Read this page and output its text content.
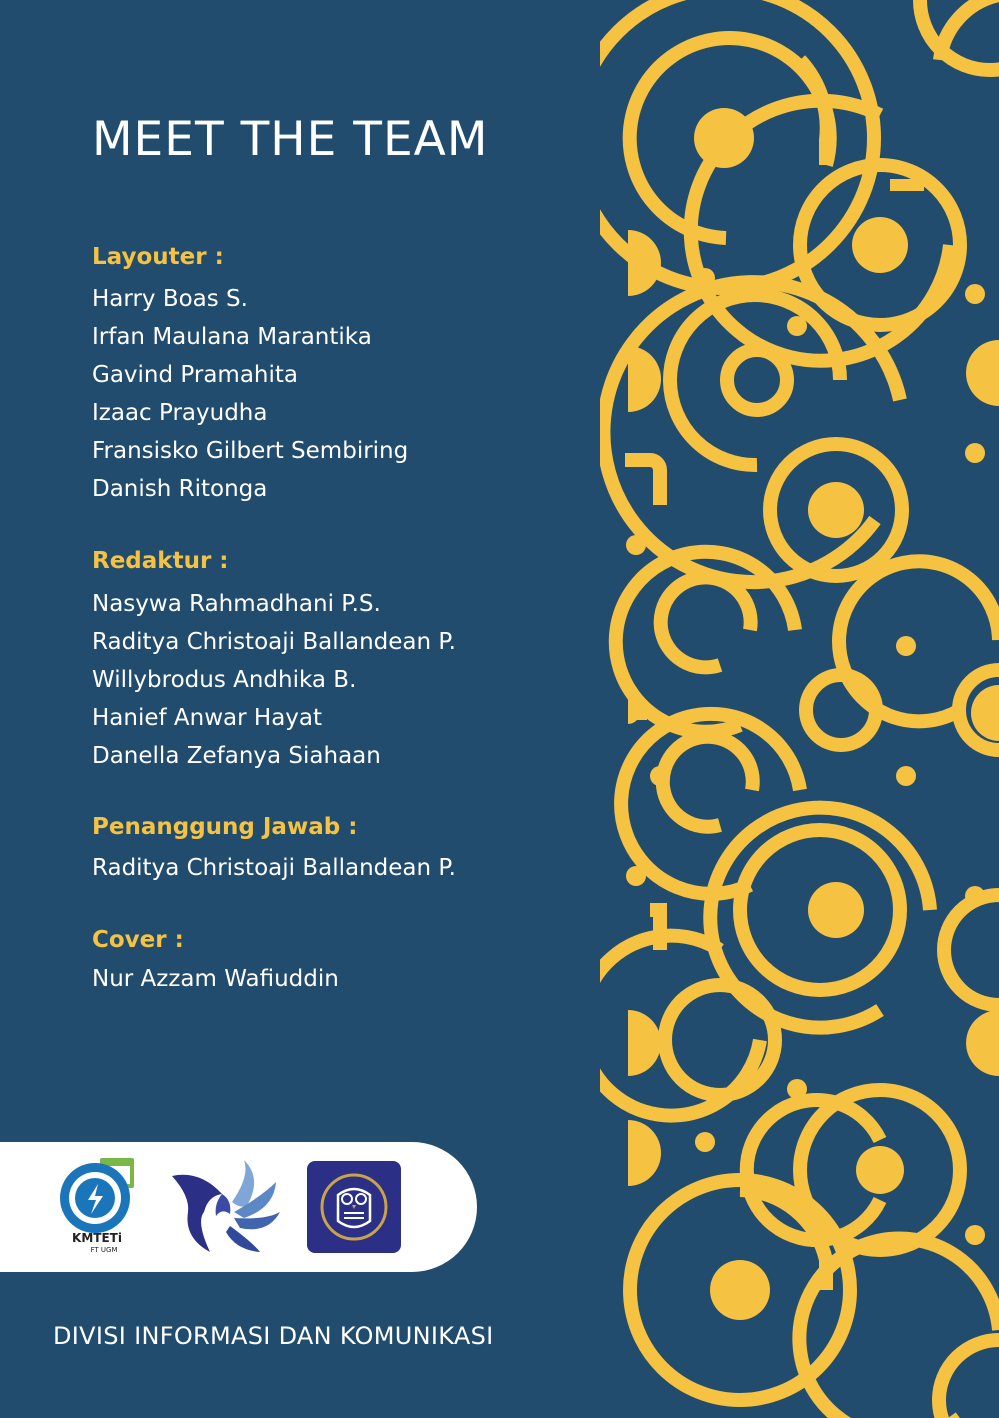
MEET THE TEAM
Layouter :
Harry Boas S.
Irfan Maulana Marantika
Gavind Pramahita
Izaac Prayudha
Fransisko Gilbert Sembiring
Danish Ritonga
Redaktur :
Nasywa Rahmadhani P.S.
Raditya Christoaji Ballandean P.
Willybrodus Andhika B.
Hanief Anwar Hayat
Danella Zefanya Siahaan
Penanggung Jawab :
Raditya Christoaji Ballandean P.
Cover :
Nur Azzam Wafiuddin
KMTETi
FT UGM

DIVISI INFORMASI DAN KOMUNIKASI
